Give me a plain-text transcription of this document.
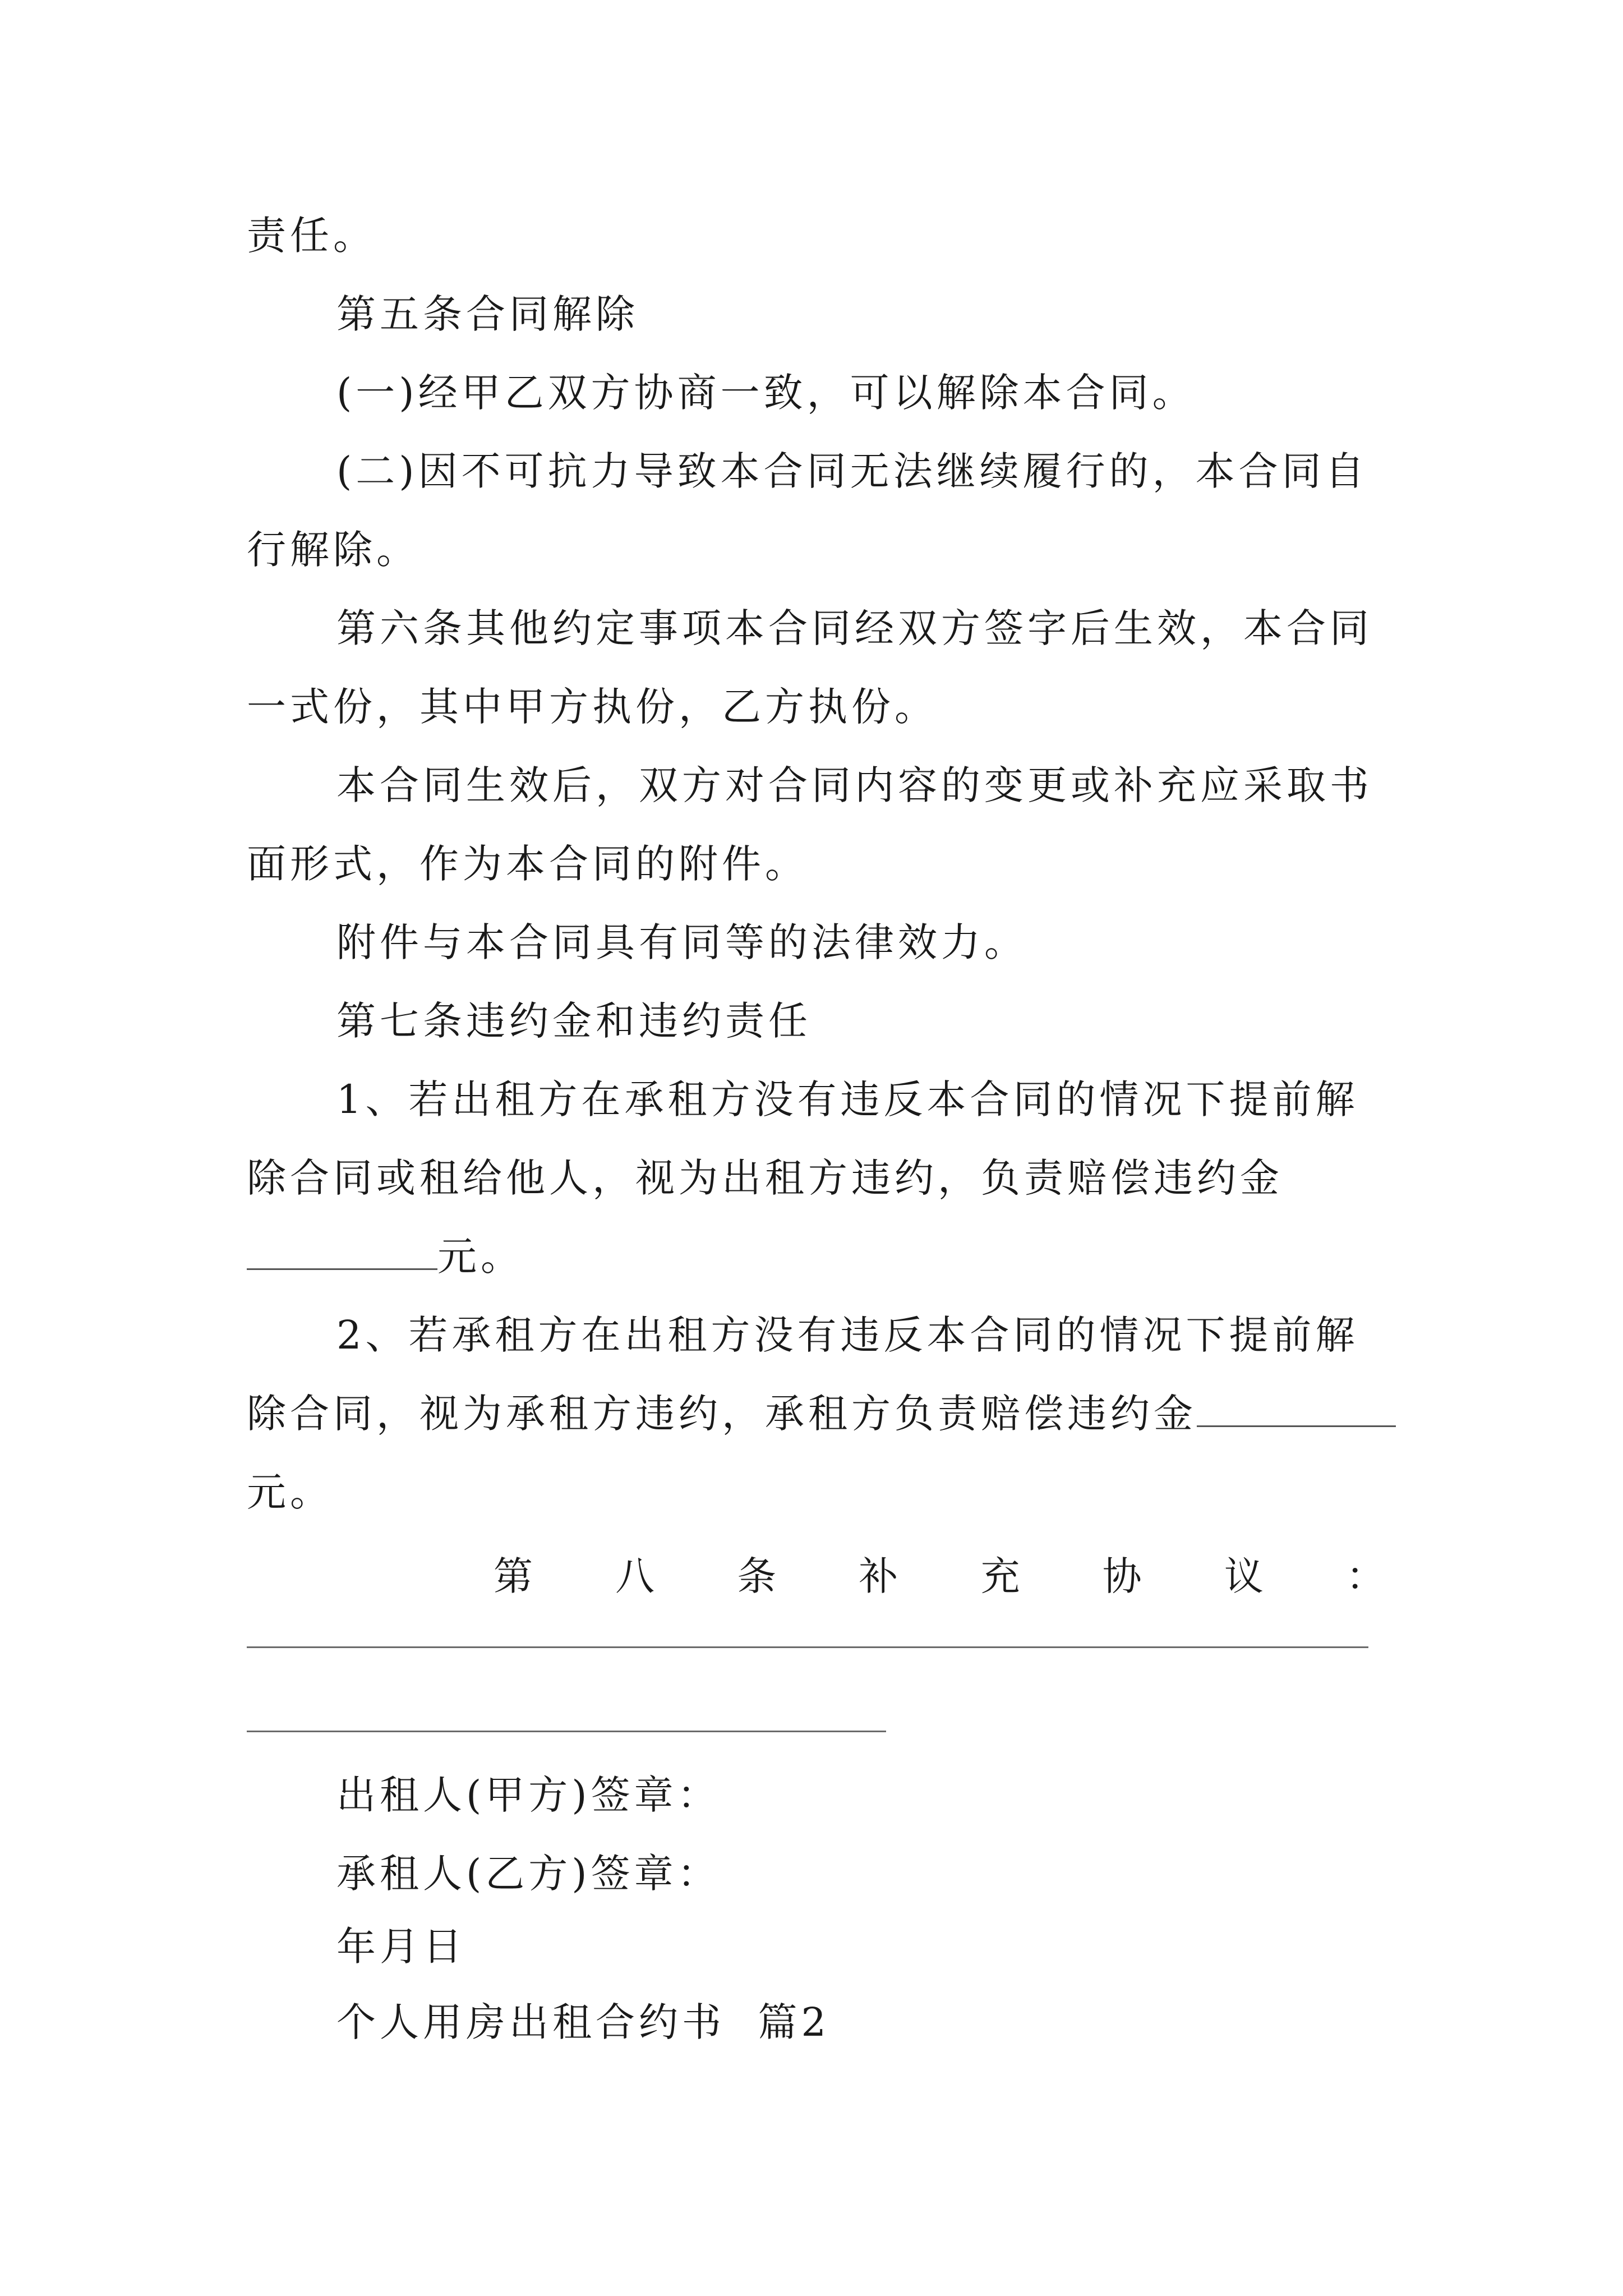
责任。
第五条合同解除
(一)经甲乙双方协商一致，可以解除本合同。
(二)因不可抗力导致本合同无法继续履行的，本合同自
行解除。
第六条其他约定事项本合同经双方签字后生效，本合同
一式份，其中甲方执份，乙方执份。
本合同生效后，双方对合同内容的变更或补充应采取书
面形式，作为本合同的附件。
附件与本合同具有同等的法律效力。
第七条违约金和违约责任
1、若出租方在承租方没有违反本合同的情况下提前解
除合同或租给他人，视为出租方违约，负责赔偿违约金
元。
2、若承租方在出租方没有违反本合同的情况下提前解
除合同，视为承租方违约，承租方负责赔偿违约金
元。
第 八 条 补 充 协 议 ：
出租人(甲方)签章：
承租人(乙方)签章：
年月日
个人用房出租合约书  篇2
